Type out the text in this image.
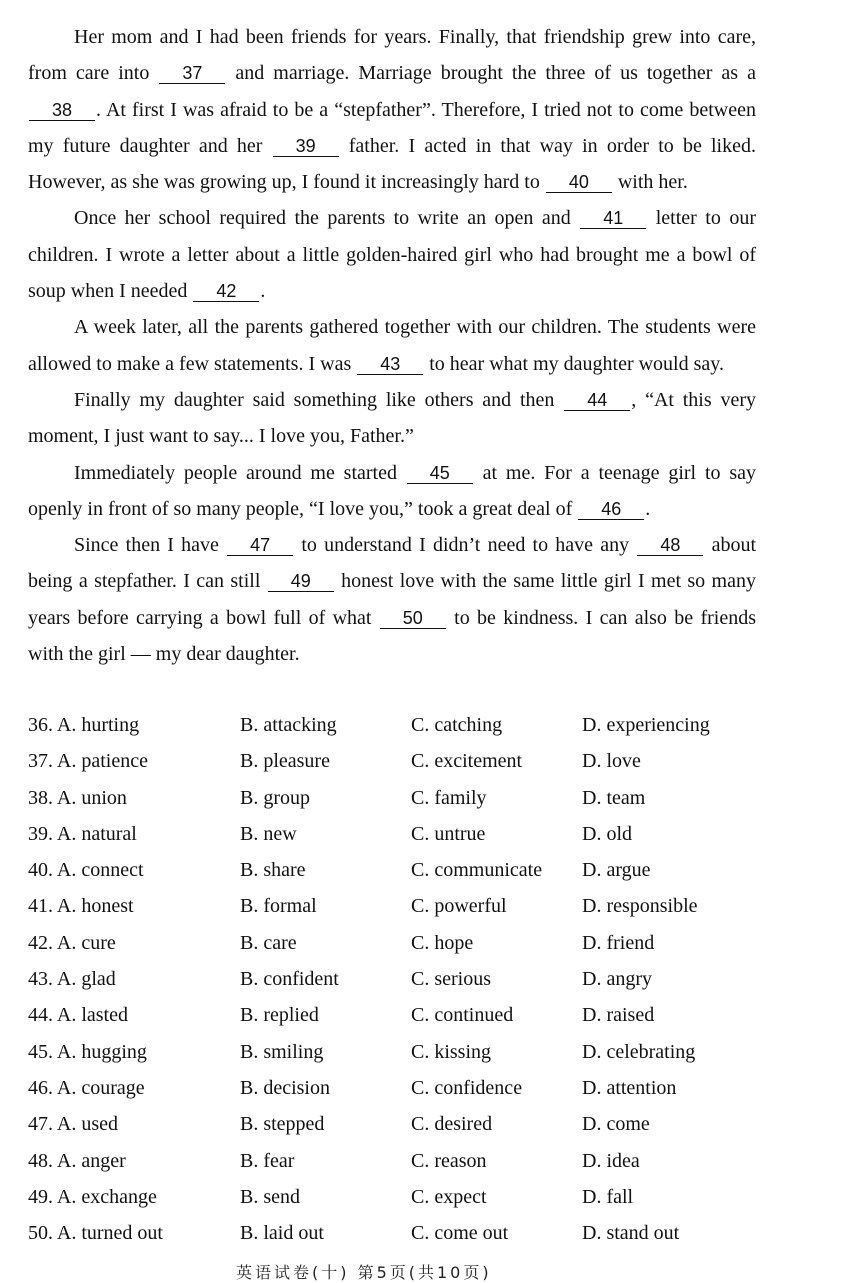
Her mom and I had been friends for years. Finally, that friendship grew into care, from care into 37 and marriage. Marriage brought the three of us together as a 38 . At first I was afraid to be a “stepfather”. Therefore, I tried not to come between my future daughter and her 39 father. I acted in that way in order to be liked. However, as she was growing up, I found it increasingly hard to 40 with her.

Once her school required the parents to write an open and 41 letter to our children. I wrote a letter about a little golden-haired girl who had brought me a bowl of soup when I needed 42 .

A week later, all the parents gathered together with our children. The students were allowed to make a few statements. I was 43 to hear what my daughter would say.

Finally my daughter said something like others and then 44 , “At this very moment, I just want to say... I love you, Father.”

Immediately people around me started 45 at me. For a teenage girl to say openly in front of so many people, “I love you,” took a great deal of 46 .

Since then I have 47 to understand I didn’t need to have any 48 about being a stepfather. I can still 49 honest love with the same little girl I met so many years before carrying a bowl full of what 50 to be kindness. I can also be friends with the girl — my dear daughter.

36. A. hurting	B. attacking	C. catching	D. experiencing
37. A. patience	B. pleasure	C. excitement	D. love
38. A. union	B. group	C. family	D. team
39. A. natural	B. new	C. untrue	D. old
40. A. connect	B. share	C. communicate D. argue
41. A. honest	B. formal	C. powerful	D. responsible
42. A. cure	B. care	C. hope	D. friend
43. A. glad	B. confident	C. serious	D. angry
44. A. lasted	B. replied	C. continued	D. raised
45. A. hugging	B. smiling	C. kissing	D. celebrating
46. A. courage	B. decision	C. confidence	D. attention
47. A. used	B. stepped	C. desired	D. come
48. A. anger	B. fear	C. reason	D. idea
49. A. exchange	B. send	C. expect	D. fall
50. A. turned out	B. laid out	C. come out	D. stand out
英语试卷(十) 第5页(共10页)
